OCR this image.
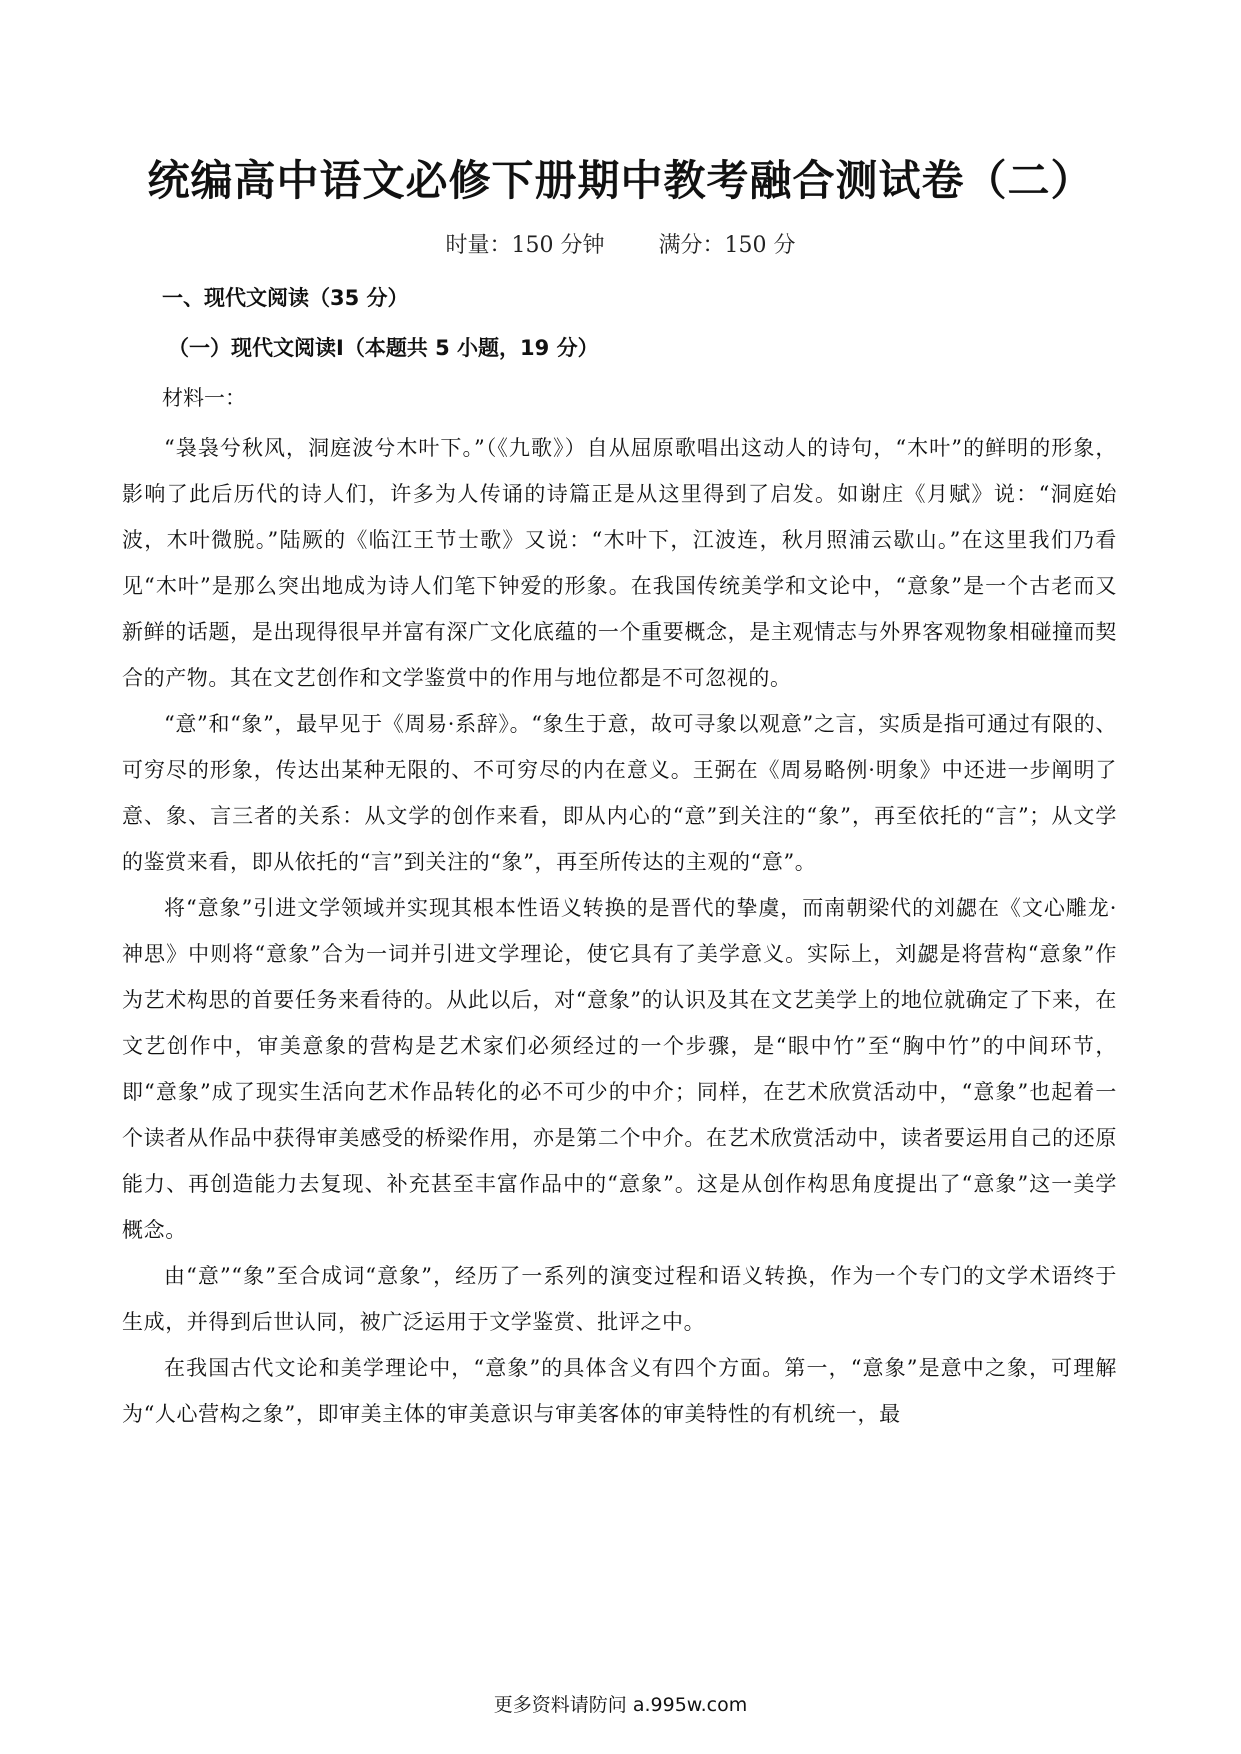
统编高中语文必修下册期中教考融合测试卷（二）
时量：150 分钟 满分：150 分
一、现代文阅读（35 分）
（一）现代文阅读Ⅰ（本题共 5 小题，19 分）
材料一：

“袅袅兮秋风，洞庭波兮木叶下。”（《九歌》）自从屈原歌唱出这动人的诗句，“木叶”的鲜明的形象，影响了此后历代的诗人们，许多为人传诵的诗篇正是从这里得到了启发。如谢庄《月赋》说：“洞庭始波，木叶微脱。”陆厥的《临江王节士歌》又说：“木叶下，江波连，秋月照浦云歇山。”在这里我们乃看见“木叶”是那么突出地成为诗人们笔下钟爱的形象。在我国传统美学和文论中，“意象”是一个古老而又新鲜的话题，是出现得很早并富有深广文化底蕴的一个重要概念，是主观情志与外界客观物象相碰撞而契合的产物。其在文艺创作和文学鉴赏中的作用与地位都是不可忽视的。

“意”和“象”，最早见于《周易·系辞》。“象生于意，故可寻象以观意”之言，实质是指可通过有限的、可穷尽的形象，传达出某种无限的、不可穷尽的内在意义。王弼在《周易略例·明象》中还进一步阐明了意、象、言三者的关系：从文学的创作来看，即从内心的“意”到关注的“象”，再至依托的“言”；从文学的鉴赏来看，即从依托的“言”到关注的“象”，再至所传达的主观的“意”。

将“意象”引进文学领域并实现其根本性语义转换的是晋代的挚虞，而南朝梁代的刘勰在《文心雕龙·神思》中则将“意象”合为一词并引进文学理论，使它具有了美学意义。实际上，刘勰是将营构“意象”作为艺术构思的首要任务来看待的。从此以后，对“意象”的认识及其在文艺美学上的地位就确定了下来，在文艺创作中，审美意象的营构是艺术家们必须经过的一个步骤，是“眼中竹”至“胸中竹”的中间环节，即“意象”成了现实生活向艺术作品转化的必不可少的中介；同样，在艺术欣赏活动中，“意象”也起着一个读者从作品中获得审美感受的桥梁作用，亦是第二个中介。在艺术欣赏活动中，读者要运用自己的还原能力、再创造能力去复现、补充甚至丰富作品中的“意象”。这是从创作构思角度提出了“意象”这一美学概念。

由“意”“象”至合成词“意象”，经历了一系列的演变过程和语义转换，作为一个专门的文学术语终于生成，并得到后世认同，被广泛运用于文学鉴赏、批评之中。

在我国古代文论和美学理论中，“意象”的具体含义有四个方面。第一，“意象”是意中之象，可理解为“人心营构之象”，即审美主体的审美意识与审美客体的审美特性的有机统一，最

更多资料请防问 a.995w.com
